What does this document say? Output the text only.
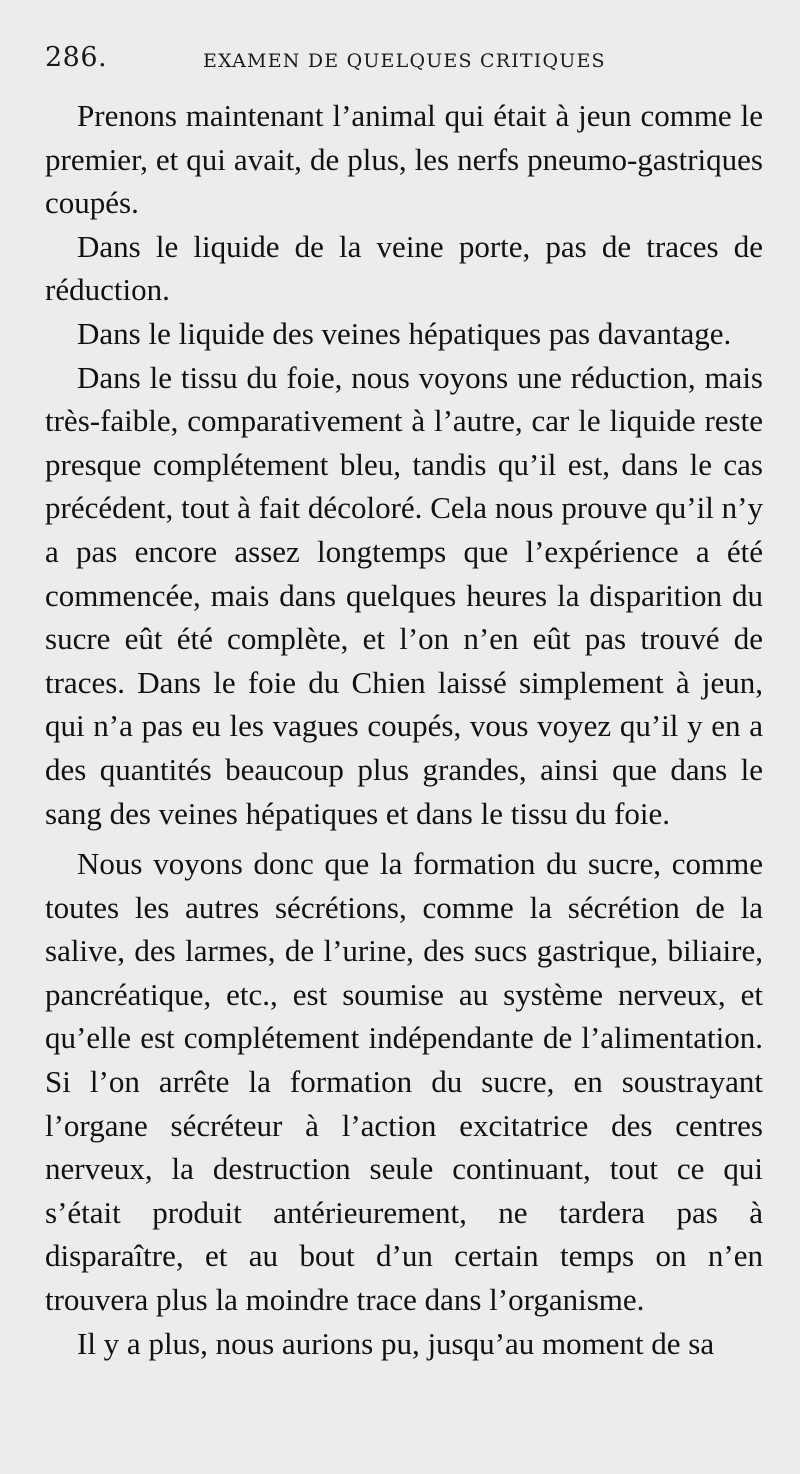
286.	EXAMEN DE QUELQUES CRITIQUES

Prenons maintenant l’animal qui était à jeun comme le premier, et qui avait, de plus, les nerfs pneumo-gastriques coupés.

Dans le liquide de la veine porte, pas de traces de réduction.

Dans le liquide des veines hépatiques pas davantage.

Dans le tissu du foie, nous voyons une réduction, mais très-faible, comparativement à l’autre, car le liquide reste presque complétement bleu, tandis qu’il est, dans le cas précédent, tout à fait décoloré. Cela nous prouve qu’il n’y a pas encore assez longtemps que l’expérience a été commencée, mais dans quelques heures la disparition du sucre eût été complète, et l’on n’en eût pas trouvé de traces. Dans le foie du Chien laissé simplement à jeun, qui n’a pas eu les vagues coupés, vous voyez qu’il y en a des quantités beaucoup plus grandes, ainsi que dans le sang des veines hépatiques et dans le tissu du foie.

Nous voyons donc que la formation du sucre, comme toutes les autres sécrétions, comme la sécrétion de la salive, des larmes, de l’urine, des sucs gastrique, biliaire, pancréatique, etc., est soumise au système nerveux, et qu’elle est complétement indépendante de l’alimentation. Si l’on arrête la formation du sucre, en soustrayant l’organe sécréteur à l’action excitatrice des centres nerveux, la destruction seule continuant, tout ce qui s’était produit antérieurement, ne tardera pas à disparaître, et au bout d’un certain temps on n’en trouvera plus la moindre trace dans l’organisme.

Il y a plus, nous aurions pu, jusqu’au moment de sa
